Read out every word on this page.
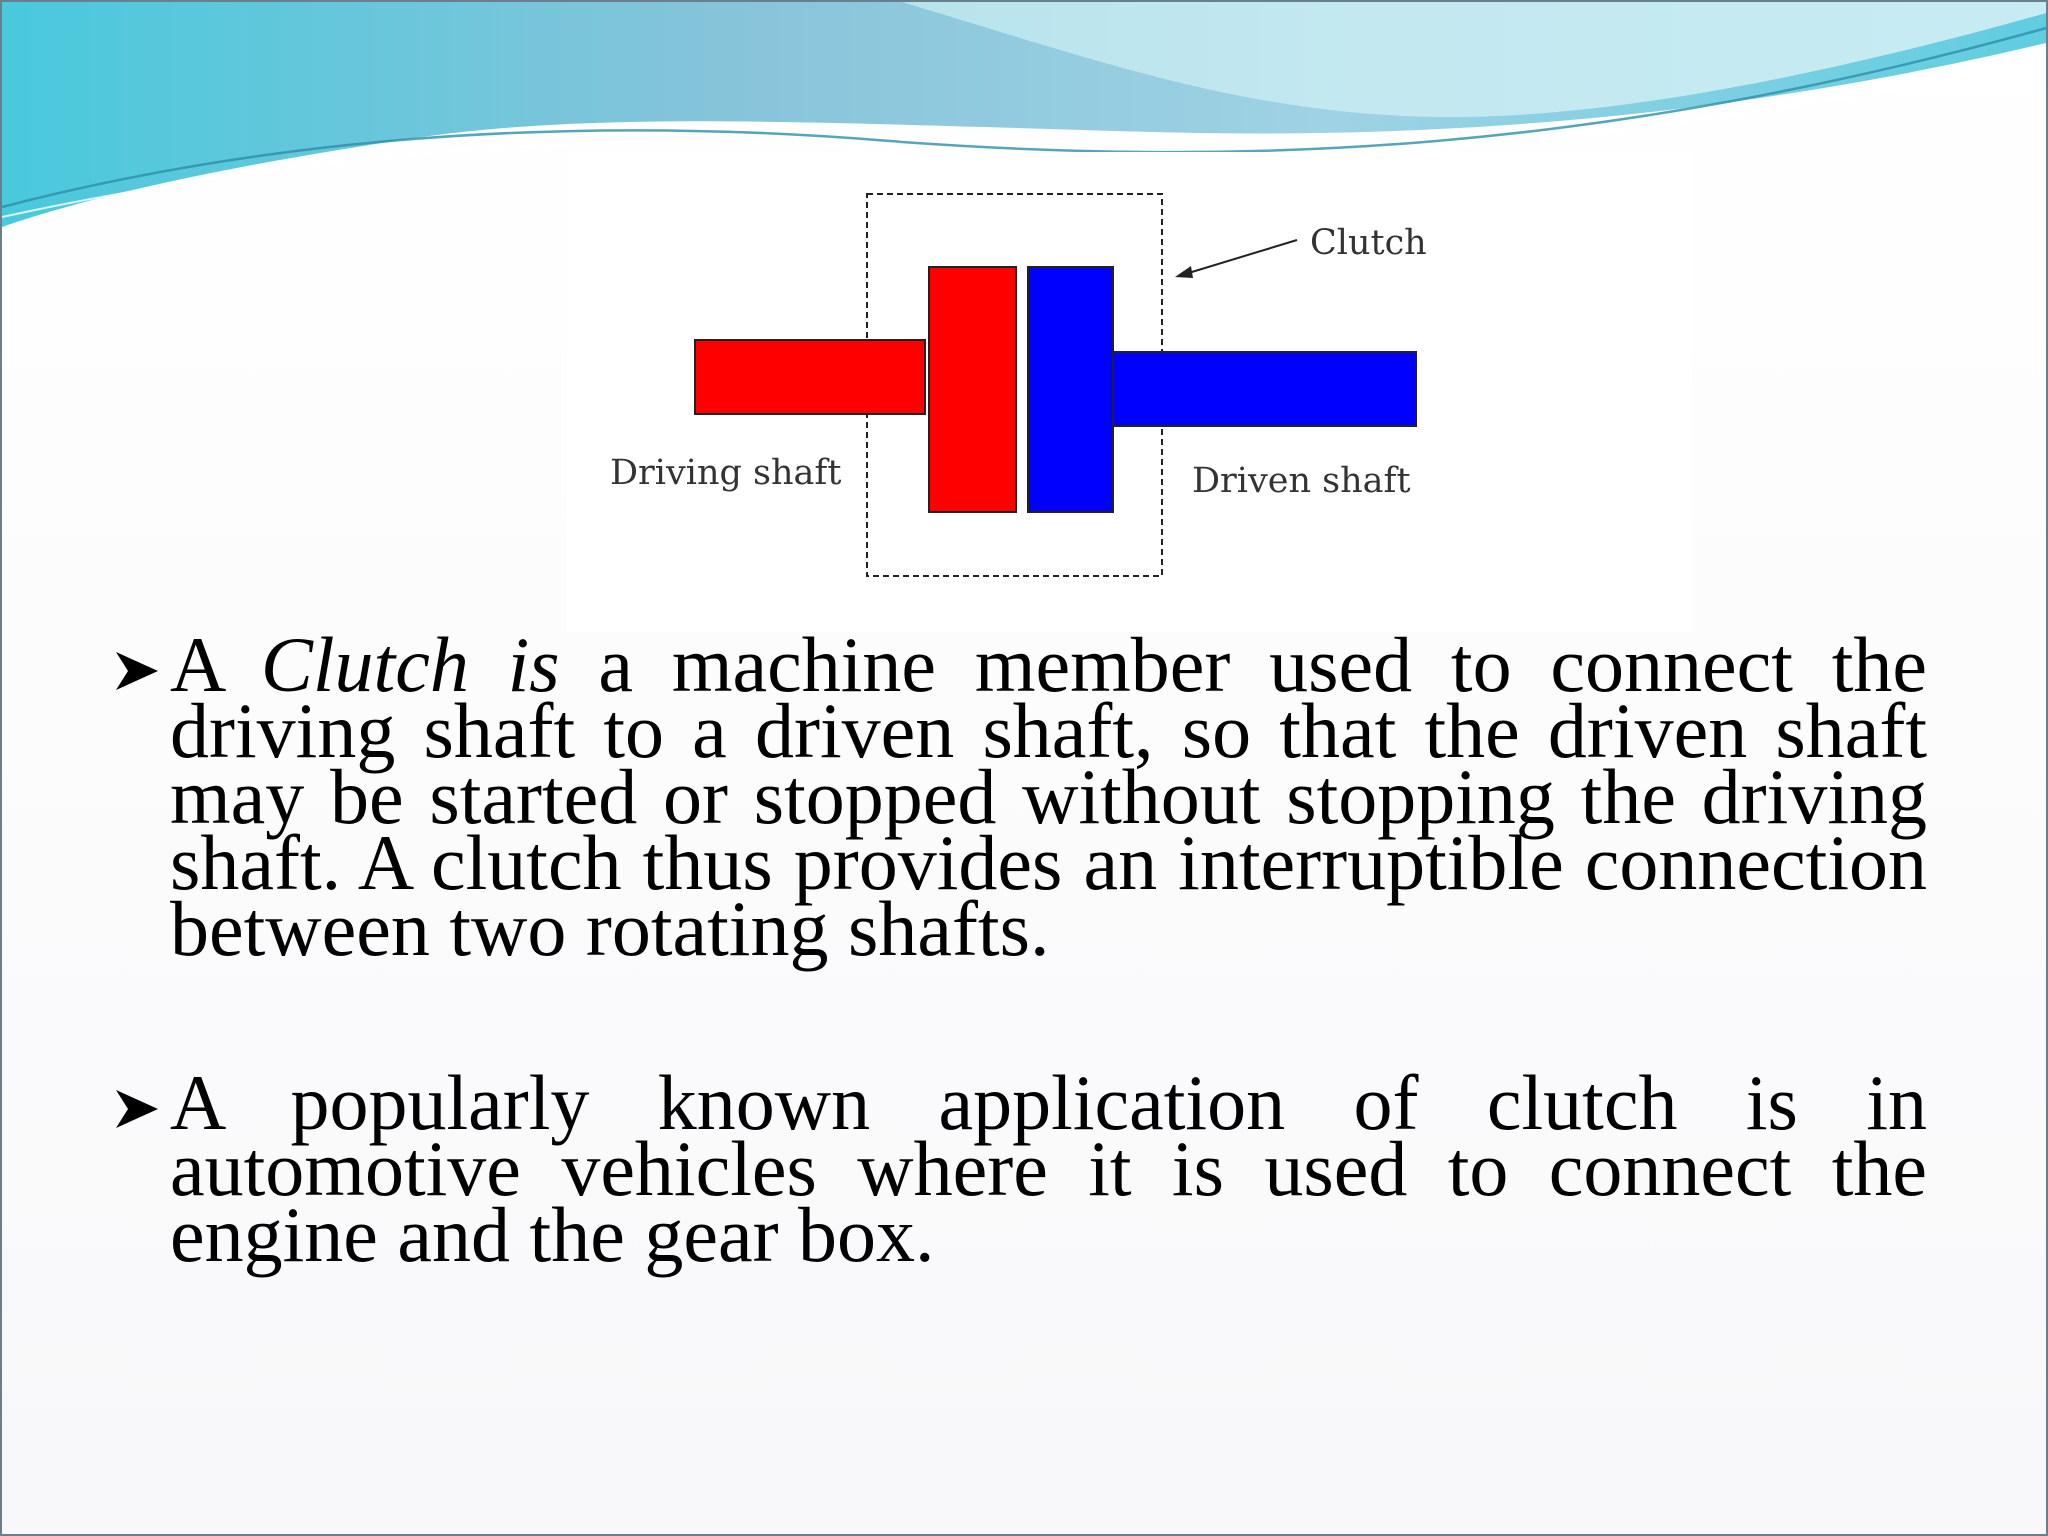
Clutch
Driving shaft	Driven shaft

A Clutch is a machine member used to connect the driving shaft to a driven shaft, so that the driven shaft may be started or stopped without stopping the driving shaft. A clutch thus provides an interruptible connection between two rotating shafts.

A popularly known application of clutch is in automotive vehicles where it is used to connect the engine and the gear box.
